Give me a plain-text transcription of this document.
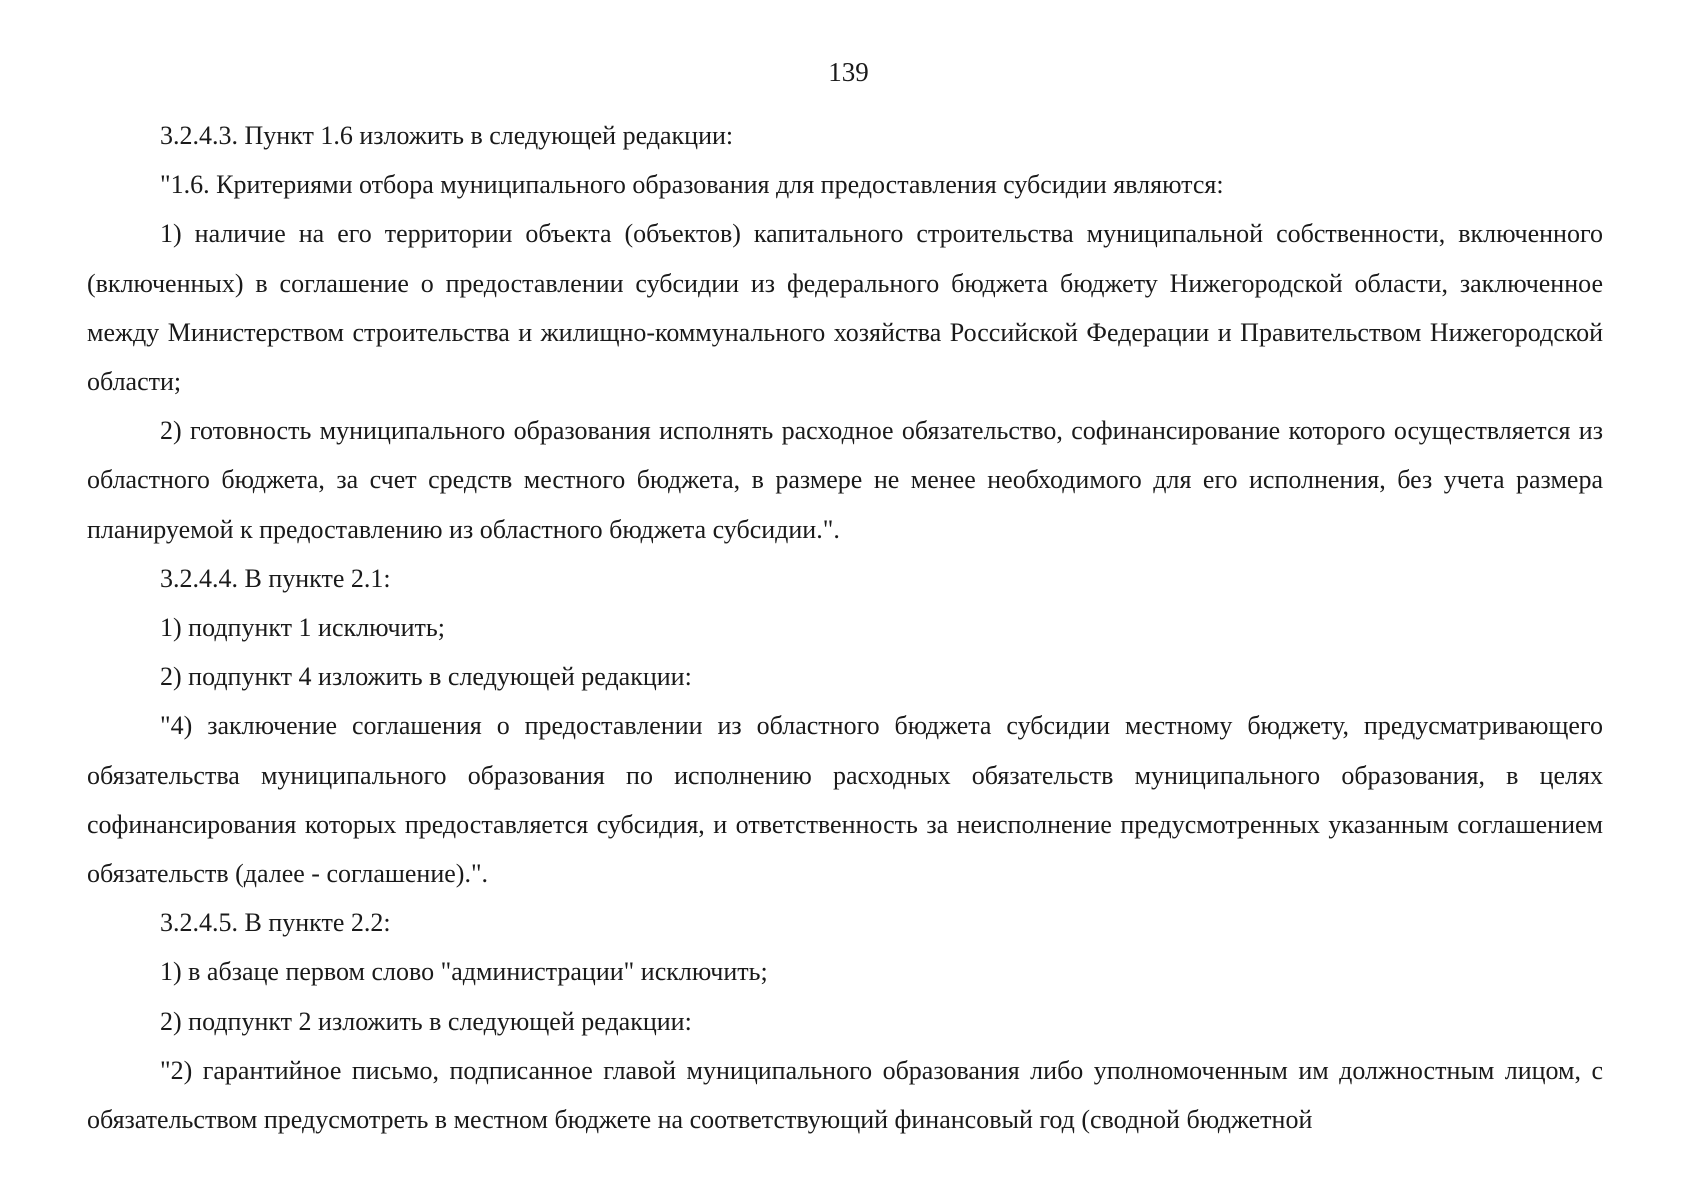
139

3.2.4.3. Пункт 1.6 изложить в следующей редакции:

"1.6. Критериями отбора муниципального образования для предоставления субсидии являются:

1) наличие на его территории объекта (объектов) капитального строительства муниципальной собственности, включенного (включенных) в соглашение о предоставлении субсидии из федерального бюджета бюджету Нижегородской области, заключенное между Министерством строительства и жилищно-коммунального хозяйства Российской Федерации и Правительством Нижегородской области;

2) готовность муниципального образования исполнять расходное обязательство, софинансирование которого осуществляется из областного бюджета, за счет средств местного бюджета, в размере не менее необходимого для его исполнения, без учета размера планируемой к предоставлению из областного бюджета субсидии.".

3.2.4.4. В пункте 2.1:

1) подпункт 1 исключить;

2) подпункт 4 изложить в следующей редакции:

"4) заключение соглашения о предоставлении из областного бюджета субсидии местному бюджету, предусматривающего обязательства муниципального образования по исполнению расходных обязательств муниципального образования, в целях софинансирования которых предоставляется субсидия, и ответственность за неисполнение предусмотренных указанным соглашением обязательств (далее - соглашение).".

3.2.4.5. В пункте 2.2:

1) в абзаце первом слово "администрации" исключить;

2) подпункт 2 изложить в следующей редакции:

"2) гарантийное письмо, подписанное главой муниципального образования либо уполномоченным им должностным лицом, с обязательством предусмотреть в местном бюджете на соответствующий финансовый год (сводной бюджетной
